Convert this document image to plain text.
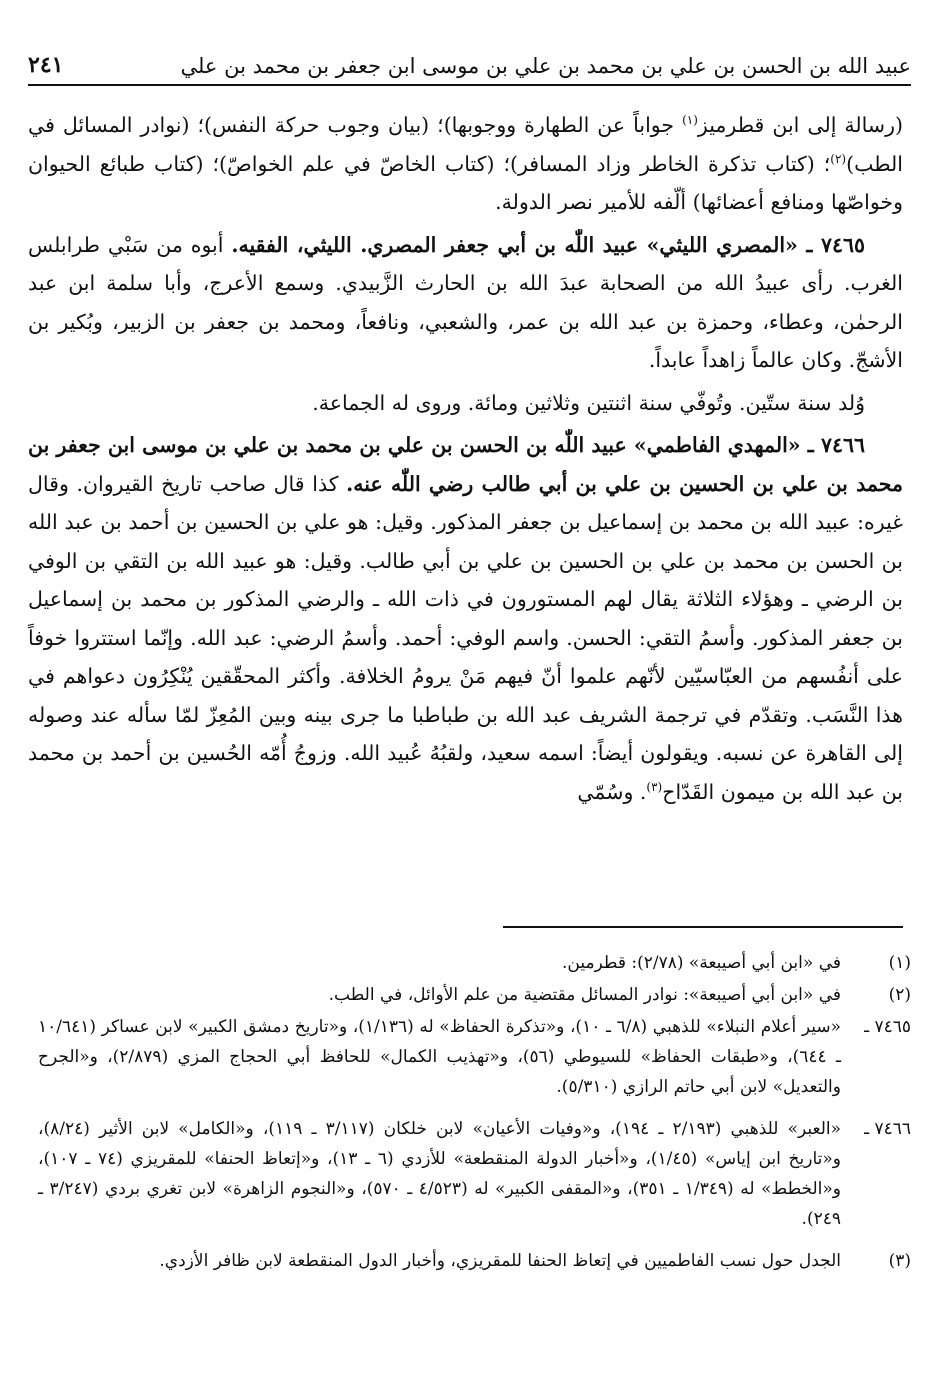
عبيد الله بن الحسن بن علي بن محمد بن علي بن موسى ابن جعفر بن محمد بن علي
٢٤١

(رسالة إلى ابن قطرميز$^{(١)}$ جواباً عن الطهارة ووجوبها)؛ (بيان وجوب حركة النفس)؛ (نوادر المسائل في الطب)$^{(٢)}$؛ (كتاب تذكرة الخاطر وزاد المسافر)؛ (كتاب الخاصّ في علم الخواصّ)؛ (كتاب طبائع الحيوان وخواصّها ومنافع أعضائها) ألّفه للأمير نصر الدولة.

٧٤٦٥ ـ «المصري الليثي» عبيد اللّٰه بن أبي جعفر المصري. الليثي، الفقيه. أبوه من سَبْي طرابلس الغرب. رأى عبيدُ الله من الصحابة عبدَ الله بن الحارث الزَّبيدي. وسمع الأعرج، وأبا سلمة ابن عبد الرحمٰن، وعطاء، وحمزة بن عبد الله بن عمر، والشعبي، ونافعاً، ومحمد بن جعفر بن الزبير، وبُكير بن الأشجّ. وكان عالماً زاهداً عابداً.

وُلد سنة ستّين. وتُوفّي سنة اثنتين وثلاثين ومائة. وروى له الجماعة.

٧٤٦٦ ـ «المهدي الفاطمي» عبيد اللّٰه بن الحسن بن علي بن محمد بن علي بن موسى ابن جعفر بن محمد بن علي بن الحسين بن علي بن أبي طالب رضي اللّٰه عنه. كذا قال صاحب تاريخ القيروان. وقال غيره: عبيد الله بن محمد بن إسماعيل بن جعفر المذكور. وقيل: هو علي بن الحسين بن أحمد بن عبد الله بن الحسن بن محمد بن علي بن الحسين بن علي بن أبي طالب. وقيل: هو عبيد الله بن التقي بن الوفي بن الرضي ـ وهؤلاء الثلاثة يقال لهم المستورون في ذات الله ـ والرضي المذكور بن محمد بن إسماعيل بن جعفر المذكور. وأسمُ التقي: الحسن. واسم الوفي: أحمد. وأسمُ الرضي: عبد الله. وإنّما استتروا خوفاً على أنفُسهم من العبّاسيّين لأنّهم علموا أنّ فيهم مَنْ يرومُ الخلافة. وأكثر المحقّقين يُنْكِرُون دعواهم في هذا النَّسَب. وتقدّم في ترجمة الشريف عبد الله بن طباطبا ما جرى بينه وبين المُعِزّ لمّا سأله عند وصوله إلى القاهرة عن نسبه. ويقولون أيضاً: اسمه سعيد، ولقبُهُ عُبيد الله. وزوجُ أُمّه الحُسين بن أحمد بن محمد بن عبد الله بن ميمون القَدّاح$^{(٣)}$. وسُمّي

(١)
في «ابن أبي أصيبعة» (٢/٧٨): قطرمين.
(٢)
في «ابن أبي أصيبعة»: نوادر المسائل مقتضية من علم الأوائل، في الطب.
٧٤٦٥ ـ
«سير أعلام النبلاء» للذهبي (٦/٨ ـ ١٠)، و«تذكرة الحفاظ» له (١/١٣٦)، و«تاريخ دمشق الكبير» لابن عساكر (١٠/٦٤١ ـ ٦٤٤)، و«طبقات الحفاظ» للسيوطي (٥٦)، و«تهذيب الكمال» للحافظ أبي الحجاج المزي (٢/٨٧٩)، و«الجرح والتعديل» لابن أبي حاتم الرازي (٥/٣١٠).
٧٤٦٦ ـ
«العبر» للذهبي (٢/١٩٣ ـ ١٩٤)، و«وفيات الأعيان» لابن خلكان (٣/١١٧ ـ ١١٩)، و«الكامل» لابن الأثير (٨/٢٤)، و«تاريخ ابن إياس» (١/٤٥)، و«أخبار الدولة المنقطعة» للأزدي (٦ ـ ١٣)، و«إتعاظ الحنفا» للمقريزي (٧٤ ـ ١٠٧)، و«الخطط» له (١/٣٤٩ ـ ٣٥١)، و«المقفى الكبير» له (٤/٥٢٣ ـ ٥٧٠)، و«النجوم الزاهرة» لابن تغري بردي (٣/٢٤٧ ـ ٢٤٩).
(٣)
الجدل حول نسب الفاطميين في إتعاظ الحنفا للمقريزي، وأخبار الدول المنقطعة لابن ظافر الأزدي.
